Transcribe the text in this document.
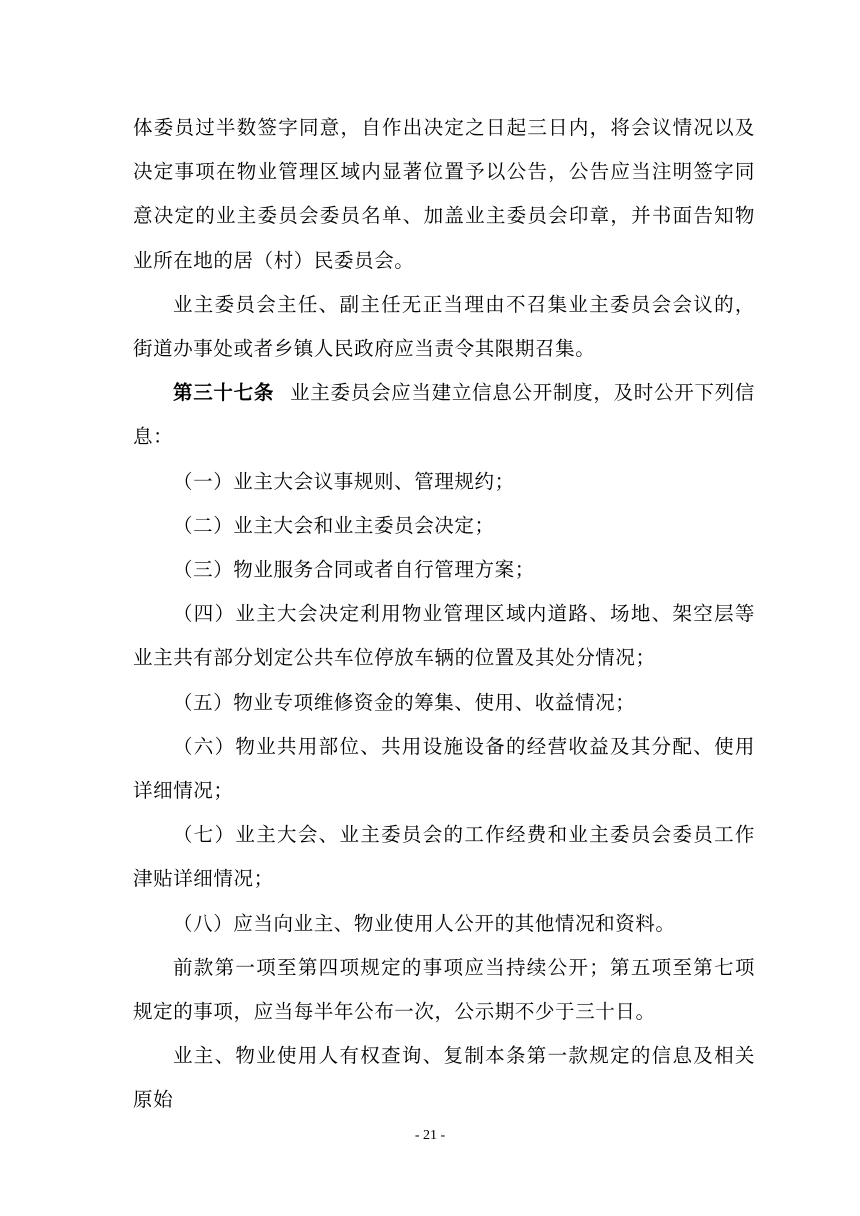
体委员过半数签字同意，自作出决定之日起三日内，将会议情况以及决定事项在物业管理区域内显著位置予以公告，公告应当注明签字同意决定的业主委员会委员名单、加盖业主委员会印章，并书面告知物业所在地的居（村）民委员会。

业主委员会主任、副主任无正当理由不召集业主委员会会议的，街道办事处或者乡镇人民政府应当责令其限期召集。

第三十七条 业主委员会应当建立信息公开制度，及时公开下列信息：

（一）业主大会议事规则、管理规约；

（二）业主大会和业主委员会决定；

（三）物业服务合同或者自行管理方案；

（四）业主大会决定利用物业管理区域内道路、场地、架空层等业主共有部分划定公共车位停放车辆的位置及其处分情况；

（五）物业专项维修资金的筹集、使用、收益情况；

（六）物业共用部位、共用设施设备的经营收益及其分配、使用详细情况；

（七）业主大会、业主委员会的工作经费和业主委员会委员工作津贴详细情况；

（八）应当向业主、物业使用人公开的其他情况和资料。

前款第一项至第四项规定的事项应当持续公开；第五项至第七项规定的事项，应当每半年公布一次，公示期不少于三十日。

业主、物业使用人有权查询、复制本条第一款规定的信息及相关原始

- 21 -
